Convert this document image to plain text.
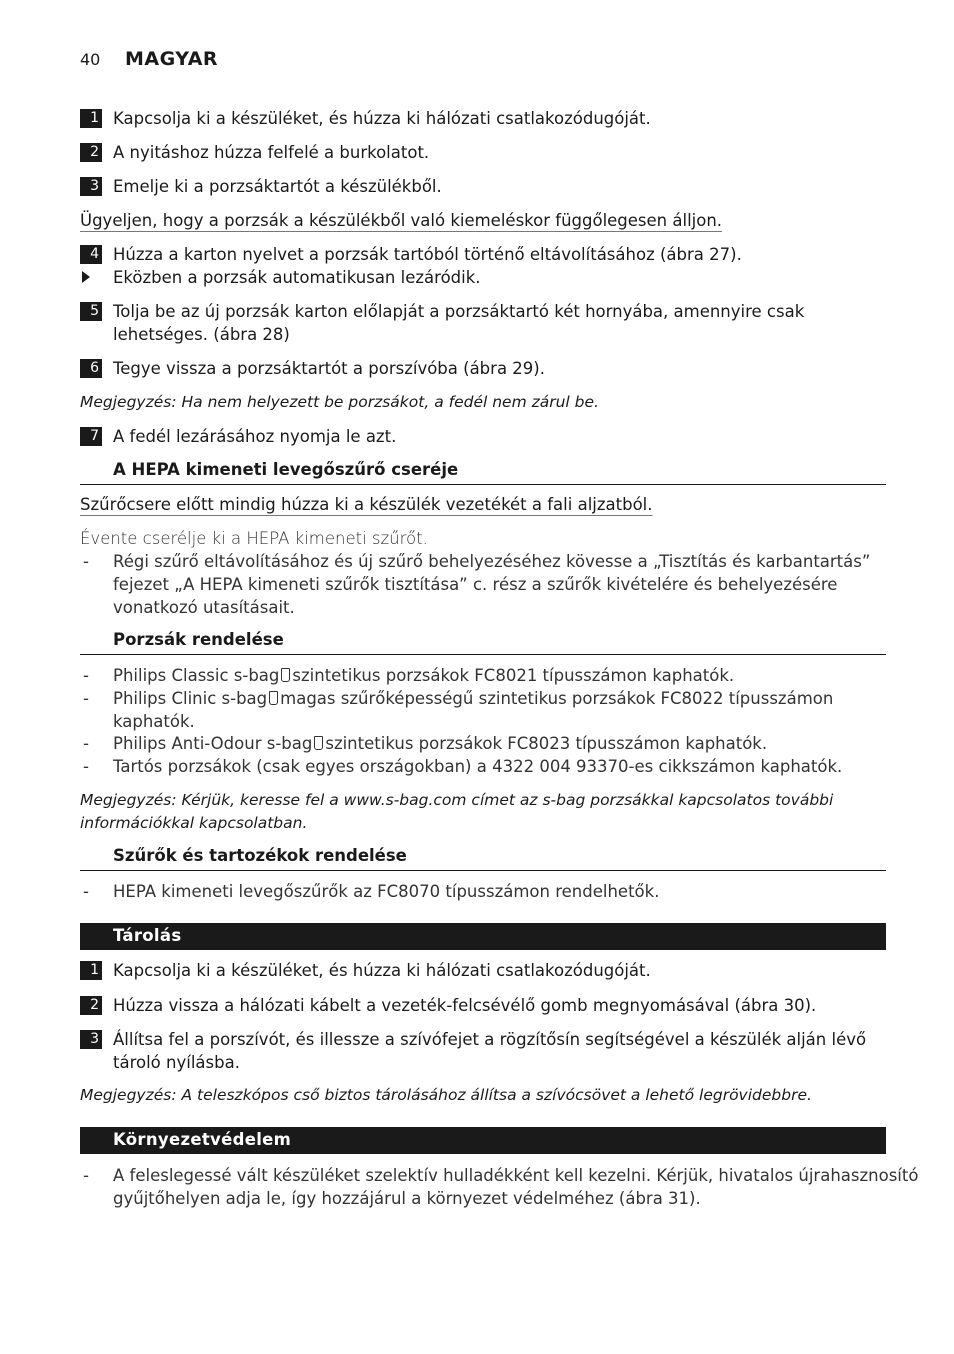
40 MAGYAR
1 Kapcsolja ki a készüléket, és húzza ki hálózati csatlakozódugóját.
2 A nyitáshoz húzza felfelé a burkolatot.
3 Emelje ki a porzsáktartót a készülékből.
Ügyeljen, hogy a porzsák a készülékből való kiemeléskor függőlegesen álljon.
4 Húzza a karton nyelvet a porzsák tartóból történő eltávolításához (ábra 27).
Eközben a porzsák automatikusan lezáródik.
5 Tolja be az új porzsák karton előlapját a porzsáktartó két hornyába, amennyire csak
lehetséges. (ábra 28)
6 Tegye vissza a porzsáktartót a porszívóba (ábra 29).
Megjegyzés: Ha nem helyezett be porzsákot, a fedél nem zárul be.
7 A fedél lezárásához nyomja le azt.
A HEPA kimeneti levegőszűrő cseréje
Szűrőcsere előtt mindig húzza ki a készülék vezetékét a fali aljzatból.
Évente cserélje ki a HEPA kimeneti szűrőt.
- Régi szűrő eltávolításához és új szűrő behelyezéséhez kövesse a „Tisztítás és karbantartás”
fejezet „A HEPA kimeneti szűrők tisztítása” c. rész a szűrők kivételére és behelyezésére
vonatkozó utasításait.
Porzsák rendelése
- Philips Classic s-bag szintetikus porzsákok FC8021 típusszámon kaphatók.
- Philips Clinic s-bag magas szűrőképességű szintetikus porzsákok FC8022 típusszámon
kaphatók.
- Philips Anti-Odour s-bag szintetikus porzsákok FC8023 típusszámon kaphatók.
- Tartós porzsákok (csak egyes országokban) a 4322 004 93370-es cikkszámon kaphatók.
Megjegyzés: Kérjük, keresse fel a www.s-bag.com címet az s-bag porzsákkal kapcsolatos további
információkkal kapcsolatban.
Szűrők és tartozékok rendelése
- HEPA kimeneti levegőszűrők az FC8070 típusszámon rendelhetők.
Tárolás
1 Kapcsolja ki a készüléket, és húzza ki hálózati csatlakozódugóját.
2 Húzza vissza a hálózati kábelt a vezeték-felcsévélő gomb megnyomásával (ábra 30).
3 Állítsa fel a porszívót, és illessze a szívófejet a rögzítősín segítségével a készülék alján lévő
tároló nyílásba.
Megjegyzés: A teleszkópos cső biztos tárolásához állítsa a szívócsövet a lehető legrövidebbre.
Környezetvédelem
- A feleslegessé vált készüléket szelektív hulladékként kell kezelni. Kérjük, hivatalos újrahasznosító
gyűjtőhelyen adja le, így hozzájárul a környezet védelméhez (ábra 31).
